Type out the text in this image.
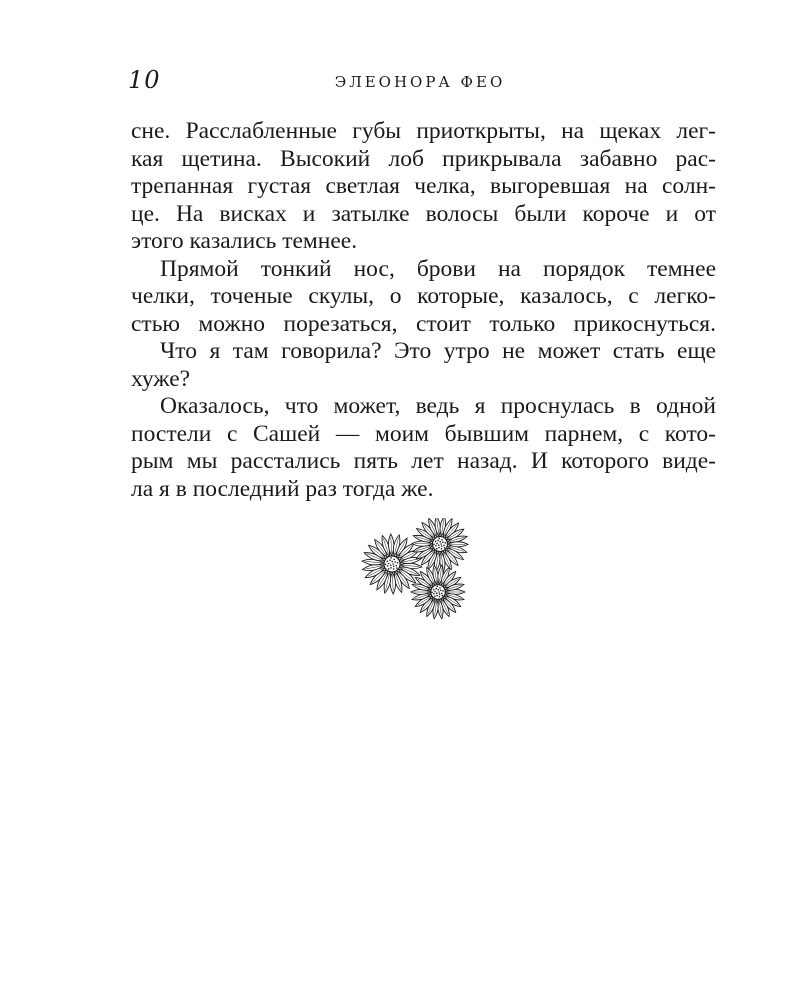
10	ЭЛЕОНОРА ФЕО
сне. Расслабленные губы приоткрыты, на щеках лег-
кая щетина. Высокий лоб прикрывала забавно рас-
трепанная густая светлая челка, выгоревшая на солн-
це. На висках и затылке волосы были короче и от
этого казались темнее.
Прямой тонкий нос, брови на порядок темнее
челки, точеные скулы, о которые, казалось, с легко-
стью можно порезаться, стоит только прикоснуться.
Что я там говорила? Это утро не может стать еще
хуже?
Оказалось, что может, ведь я проснулась в одной
постели с Сашей — моим бывшим парнем, с кото-
рым мы расстались пять лет назад. И которого виде-
ла я в последний раз тогда же.
